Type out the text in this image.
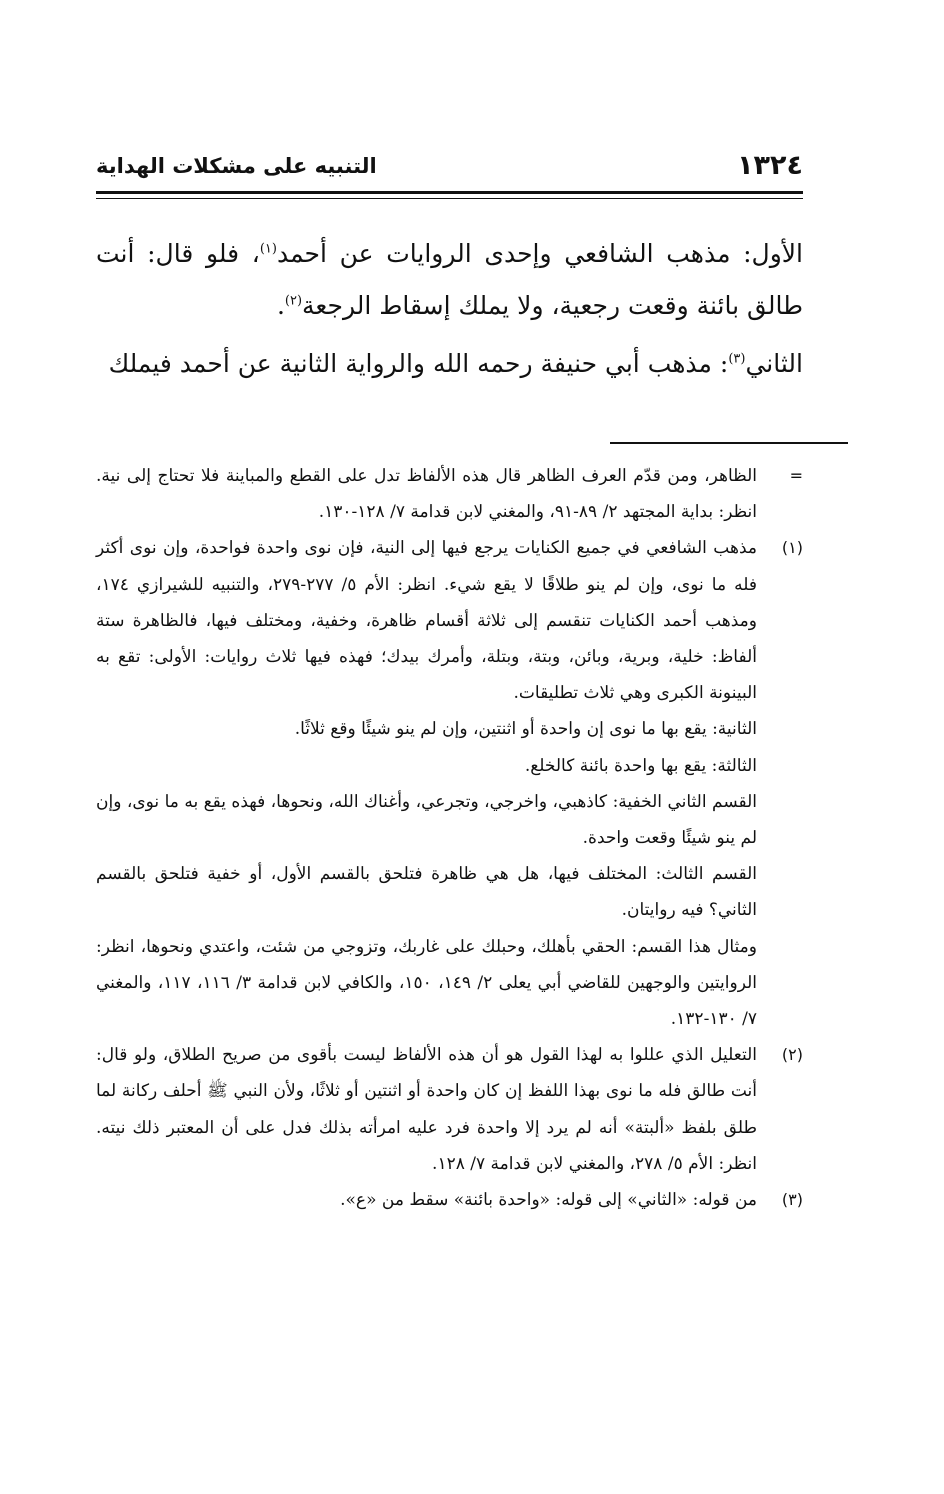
١٣٢٤
التنبيه على مشكلات الهداية

الأول: مذهب الشافعي وإحدى الروايات عن أحمد$^{(١)}$، فلو قال: أنت طالق بائنة وقعت رجعية، ولا يملك إسقاط الرجعة$^{(٢)}$.

الثاني$^{(٣)}$: مذهب أبي حنيفة رحمه الله والرواية الثانية عن أحمد فيملك

=
الظاهر، ومن قدّم العرف الظاهر قال هذه الألفاظ تدل على القطع والمباينة فلا تحتاج إلى نية. انظر: بداية المجتهد ٢/ ٨٩-٩١، والمغني لابن قدامة ٧/ ١٢٨-١٣٠.
(١)
مذهب الشافعي في جميع الكنايات يرجع فيها إلى النية، فإن نوى واحدة فواحدة، وإن نوى أكثر فله ما نوى، وإن لم ينو طلاقًا لا يقع شيء. انظر: الأم ٥/ ٢٧٧-٢٧٩، والتنبيه للشيرازي ١٧٤، ومذهب أحمد الكنايات تنقسم إلى ثلاثة أقسام ظاهرة، وخفية، ومختلف فيها، فالظاهرة ستة ألفاظ: خلية، وبرية، وبائن، وبتة، وبتلة، وأمرك بيدك؛ فهذه فيها ثلاث روايات: الأولى: تقع به البينونة الكبرى وهي ثلاث تطليقات.
الثانية: يقع بها ما نوى إن واحدة أو اثنتين، وإن لم ينو شيئًا وقع ثلاثًا.
الثالثة: يقع بها واحدة بائنة كالخلع.
القسم الثاني الخفية: كاذهبي، واخرجي، وتجرعي، وأغناك الله، ونحوها، فهذه يقع به ما نوى، وإن لم ينو شيئًا وقعت واحدة.
القسم الثالث: المختلف فيها، هل هي ظاهرة فتلحق بالقسم الأول، أو خفية فتلحق بالقسم الثاني؟ فيه روايتان.
ومثال هذا القسم: الحقي بأهلك، وحبلك على غاربك، وتزوجي من شئت، واعتدي ونحوها، انظر: الروايتين والوجهين للقاضي أبي يعلى ٢/ ١٤٩، ١٥٠، والكافي لابن قدامة ٣/ ١١٦، ١١٧، والمغني ٧/ ١٣٠-١٣٢.
(٢)
التعليل الذي عللوا به لهذا القول هو أن هذه الألفاظ ليست بأقوى من صريح الطلاق، ولو قال: أنت طالق فله ما نوى بهذا اللفظ إن كان واحدة أو اثنتين أو ثلاثًا، ولأن النبي ﷺ أحلف ركانة لما طلق بلفظ «ألبتة» أنه لم يرد إلا واحدة فرد عليه امرأته بذلك فدل على أن المعتبر ذلك نيته. انظر: الأم ٥/ ٢٧٨، والمغني لابن قدامة ٧/ ١٢٨.
(٣)
من قوله: «الثاني» إلى قوله: «واحدة بائنة» سقط من «ع».
